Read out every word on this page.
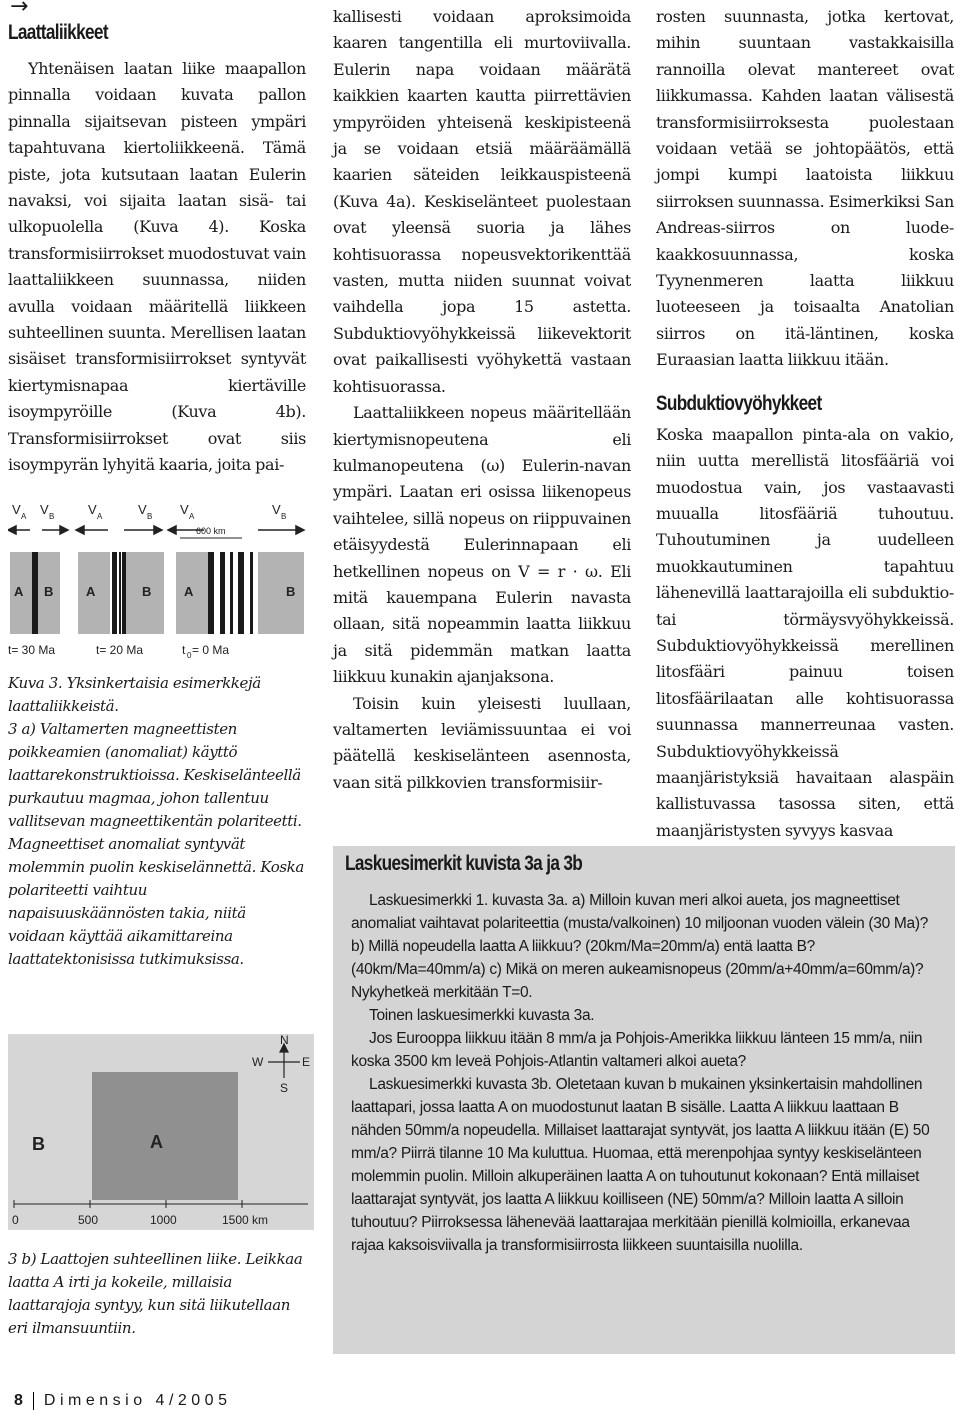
→
Laattaliikkeet

Yhtenäisen laatan liike maapallon pinnalla voidaan kuvata pallon pinnalla sijaitsevan pisteen ympäri tapahtuvana kiertoliikkeenä. Tämä piste, jota kutsutaan laatan Eulerin navaksi, voi sijaita laatan sisä- tai ulkopuolella (Kuva 4). Koska transformisiirrokset muodostuvat vain laattaliikkeen suunnassa, niiden avulla voidaan määritellä liikkeen suhteellinen suunta. Merellisen laatan sisäiset transformisiirrokset syntyvät kiertymisnapaa kiertäville isoympyröille (Kuva 4b). Transformisiirrokset ovat siis isoympyrän lyhyitä kaaria, joita pai-

V A V B	V A	V B V A	V B
600 km
A B	A	B	A	B
t= 30 Ma	t= 20 Ma	t 0 = 0 Ma

Kuva 3. Yksinkertaisia esimerkkejä laattaliikkeistä.

3 a) Valtamerten magneettisten poikkeamien (anomaliat) käyttö laattarekonstruktioissa. Keskiselänteellä purkautuu magmaa, johon tallentuu vallitsevan magneettikentän polariteetti. Magneettiset anomaliat syntyvät molemmin puolin keskiselännettä. Koska polariteetti vaihtuu napaisuuskäännösten takia, niitä voidaan käyttää aikamittareina laattatektonisissa tutkimuksissa.

B	A
N
W	E
S
0	500	1000	1500 km

3 b) Laattojen suhteellinen liike. Leikkaa laatta A irti ja kokeile, millaisia laattarajoja syntyy, kun sitä liikutellaan eri ilmansuuntiin.

kallisesti voidaan aproksimoida kaaren tangentilla eli murtoviivalla. Eulerin napa voidaan määrätä kaikkien kaarten kautta piirrettävien ympyröiden yhteisenä keskipisteenä ja se voidaan etsiä määräämällä kaarien säteiden leikkauspisteenä (Kuva 4a). Keskiselänteet puolestaan ovat yleensä suoria ja lähes kohtisuorassa nopeusvektorikenttää vasten, mutta niiden suunnat voivat vaihdella jopa 15 astetta. Subduktiovyöhykkeissä liikevektorit ovat paikallisesti vyöhykettä vastaan kohtisuorassa.

Laattaliikkeen nopeus määritellään kiertymisnopeutena eli kulmanopeutena (ω) Eulerin-navan ympäri. Laatan eri osissa liikenopeus vaihtelee, sillä nopeus on riippuvainen etäisyydestä Eulerinnapaan eli hetkellinen nopeus on V = r · ω. Eli mitä kauempana Eulerin navasta ollaan, sitä nopeammin laatta liikkuu ja sitä pidemmän matkan laatta liikkuu kunakin ajanjaksona.

Toisin kuin yleisesti luullaan, valtamerten leviämissuuntaa ei voi päätellä keskiselänteen asennosta, vaan sitä pilkkovien transformisiir-

rosten suunnasta, jotka kertovat, mihin suuntaan vastakkaisilla rannoilla olevat mantereet ovat liikkumassa. Kahden laatan välisestä transformisiirroksesta puolestaan voidaan vetää se johtopäätös, että jompi kumpi laatoista liikkuu siirroksen suunnassa. Esimerkiksi San Andreas-siirros on luode-kaakkosuunnassa, koska Tyynenmeren laatta liikkuu luoteeseen ja toisaalta Anatolian siirros on itä-läntinen, koska Euraasian laatta liikkuu itään.

Subduktiovyöhykkeet

Koska maapallon pinta-ala on vakio, niin uutta merellistä litosfääriä voi muodostua vain, jos vastaavasti muualla litosfääriä tuhoutuu. Tuhoutuminen ja uudelleen muokkautuminen tapahtuu lähenevillä laattarajoilla eli subduktio- tai törmäysvyöhykkeissä. Subduktiovyöhykkeissä merellinen litosfääri painuu toisen litosfäärilaatan alle kohtisuorassa suunnassa mannerreunaa vasten. Subduktiovyöhykkeissä maanjäristyksiä havaitaan alaspäin kallistuvassa tasossa siten, että maanjäristysten syvyys kasvaa

Laskuesimerkit kuvista 3a ja 3b

Laskuesimerkki 1. kuvasta 3a. a) Milloin kuvan meri alkoi aueta, jos magneettiset anomaliat vaihtavat polariteettia (musta/valkoinen) 10 miljoonan vuoden välein (30 Ma)? b) Millä nopeudella laatta A liikkuu? (20km/Ma=20mm/a) entä laatta B? (40km/Ma=40mm/a) c) Mikä on meren aukeamisnopeus (20mm/a+40mm/a=60mm/a)? Nykyhetkeä merkitään T=0.

Toinen laskuesimerkki kuvasta 3a.

Jos Eurooppa liikkuu itään 8 mm/a ja Pohjois-Amerikka liikkuu länteen 15 mm/a, niin koska 3500 km leveä Pohjois-Atlantin valtameri alkoi aueta?

Laskuesimerkki kuvasta 3b. Oletetaan kuvan b mukainen yksinkertaisin mahdollinen laattapari, jossa laatta A on muodostunut laatan B sisälle. Laatta A liikkuu laattaan B nähden 50mm/a nopeudella. Millaiset laattarajat syntyvät, jos laatta A liikkuu itään (E) 50 mm/a? Piirrä tilanne 10 Ma kuluttua. Huomaa, että merenpohjaa syntyy keskiselänteen molemmin puolin. Milloin alkuperäinen laatta A on tuhoutunut kokonaan? Entä millaiset laattarajat syntyvät, jos laatta A liikkuu koilliseen (NE) 50mm/a? Milloin laatta A silloin tuhoutuu? Piirroksessa lähenevää laattarajaa merkitään pienillä kolmioilla, erkanevaa rajaa kaksoisviivalla ja transformisiirrosta liikkeen suuntaisilla nuolilla.

8 Dimensio 4/2005
